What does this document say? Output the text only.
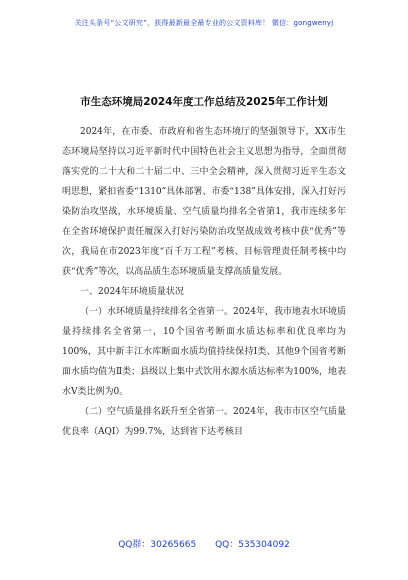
关注头条号“公文研究”，获得最新最全最专业的公文资料库！ 微信：gongwenyj
市生态环境局2024年度工作总结及2025年工作计划

2024年，在市委、市政府和省生态环境厅的坚强领导下，XX市生态环境局坚持以习近平新时代中国特色社会主义思想为指导，全面贯彻落实党的二十大和二十届二中、三中全会精神，深入贯彻习近平生态文明思想，紧扣省委“1310”具体部署、市委“138”具体安排，深入打好污染防治攻坚战，水环境质量、空气质量均排名全省第1，我市连续多年在全省环境保护责任履深入打好污染防治攻坚战成效考核中获“优秀”等次，我局在市2023年度“百千万工程”考核、目标管理责任制考核中均获“优秀”等次，以高品质生态环境质量支撑高质量发展。

一、2024年环境质量状况

（一）水环境质量持续排名全省第一。2024年，我市地表水环境质量持续排名全省第一，10个国省考断面水质达标率和优良率均为100%，其中新丰江水库断面水质均值持续保持Ⅰ类、其他9个国省考断面水质均值为Ⅱ类；县级以上集中式饮用水源水质达标率为100%，地表水Ⅴ类比例为0。

（二）空气质量排名跃升至全省第一。2024年，我市市区空气质量优良率（AQI）为99.7%，达到省下达考核目

QQ群：30265665 QQ：535304092
